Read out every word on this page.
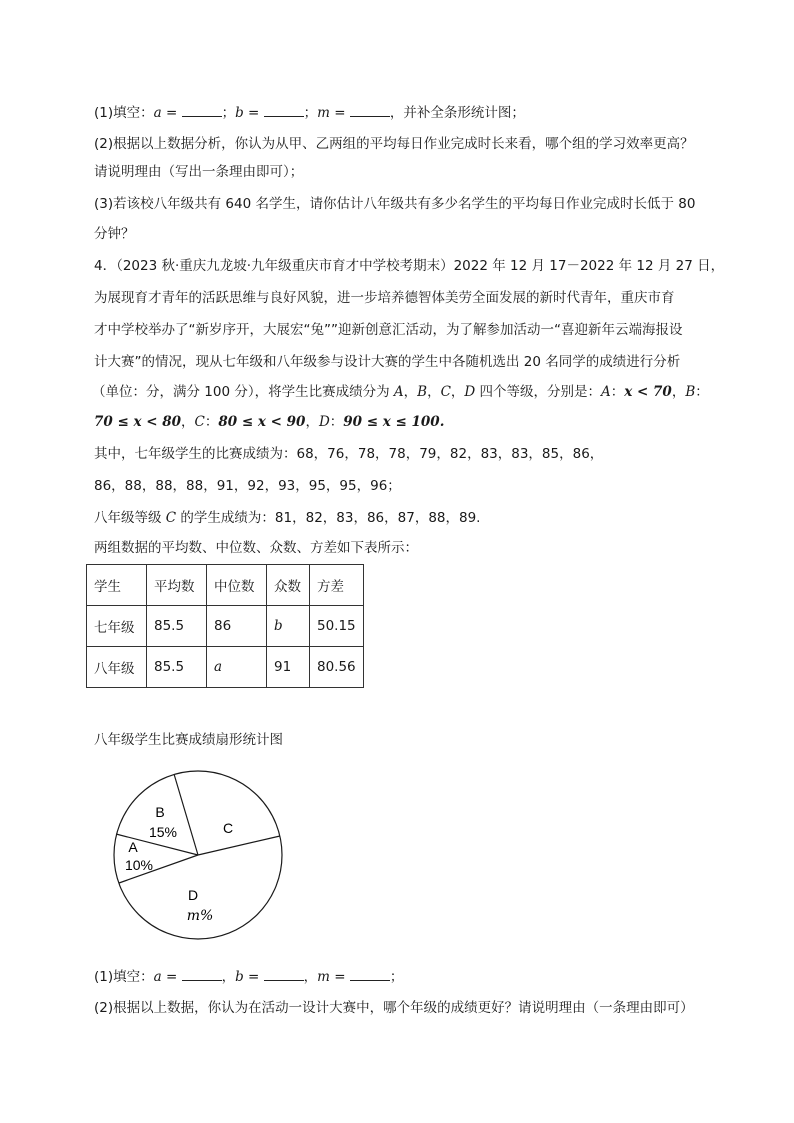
(1)填空：a =	；b =	；m =	，并补全条形统计图；
(2)根据以上数据分析，你认为从甲、乙两组的平均每日作业完成时长来看，哪个组的学习效率更高？
请说明理由（写出一条理由即可）；
(3)若该校八年级共有 640 名学生，请你估计八年级共有多少名学生的平均每日作业完成时长低于 80
分钟？
4．（2023 秋·重庆九龙坡·九年级重庆市育才中学校考期末）2022 年 12 月 17－2022 年 12 月 27 日，
为展现育才青年的活跃思维与良好风貌，进一步培养德智体美劳全面发展的新时代青年，重庆市育
才中学校举办了“新岁序开，大展宏“兔””迎新创意汇活动，为了解参加活动一“喜迎新年云端海报设
计大赛”的情况，现从七年级和八年级参与设计大赛的学生中各随机选出 20 名同学的成绩进行分析
（单位：分，满分 100 分），将学生比赛成绩分为 A，B，C，D 四个等级，分别是：A：x < 70，B：
70 ≤ x < 80，C：80 ≤ x < 90，D：90 ≤ x ≤ 100.
其中，七年级学生的比赛成绩为：68，76，78，78，79，82，83，83，85，86，
86，88，88，88，91，92，93，95，95，96；
八年级等级 C 的学生成绩为：81，82，83，86，87，88，89.
两组数据的平均数、中位数、众数、方差如下表所示：
学生	平均数	中位数	众数	方差
七年级	85.5	86	b	50.15
八年级	85.5	a	91	80.56
八年级学生比赛成绩扇形统计图
B
15%	C
A
10%
D
m%
(1)填空：a =	，b =	，m =	；
(2)根据以上数据，你认为在活动一设计大赛中，哪个年级的成绩更好？请说明理由（一条理由即可）
